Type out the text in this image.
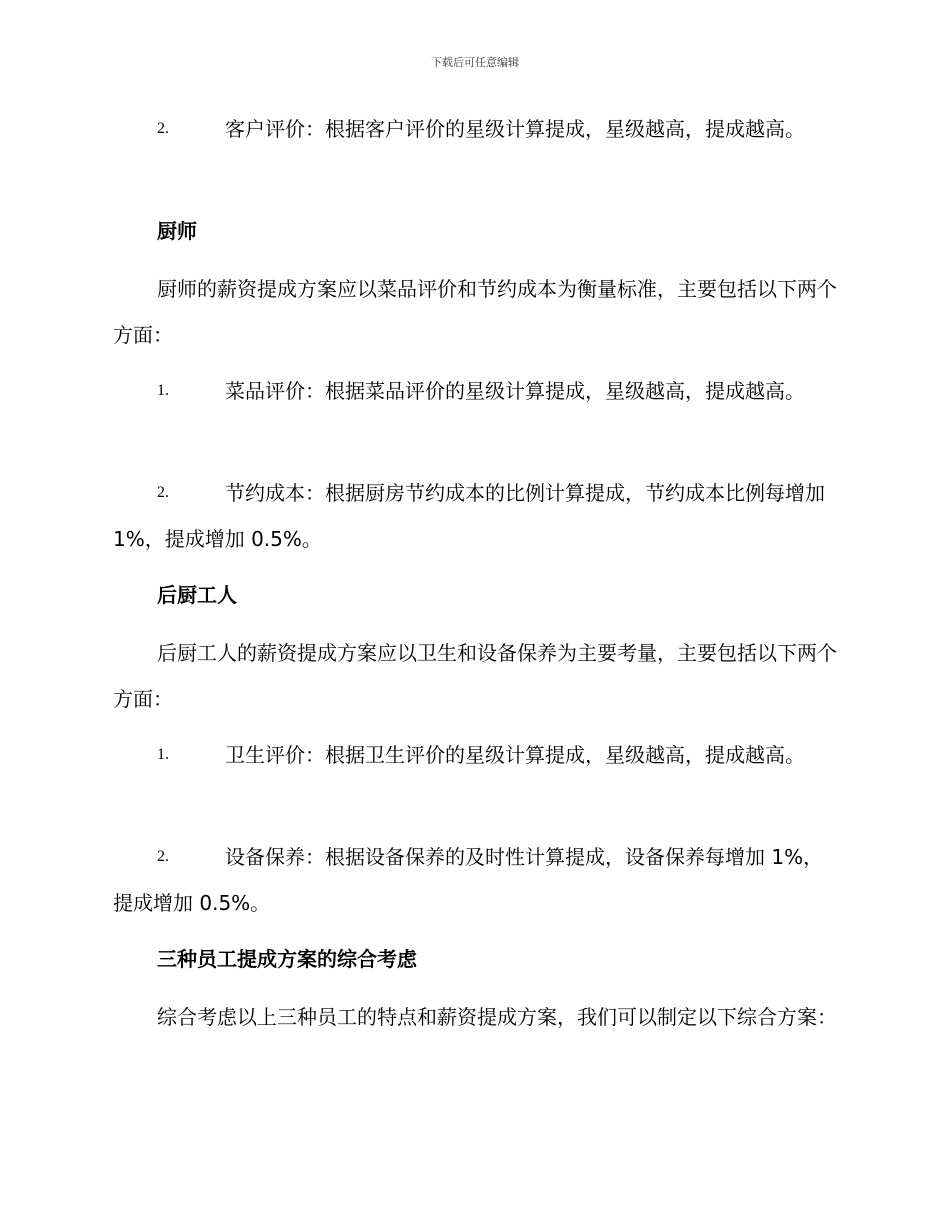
下载后可任意编辑
2.	客户评价：根据客户评价的星级计算提成，星级越高，提成越高。
厨师
厨师的薪资提成方案应以菜品评价和节约成本为衡量标准，主要包括以下两个方面：
1.	菜品评价：根据菜品评价的星级计算提成，星级越高，提成越高。
2.	节约成本：根据厨房节约成本的比例计算提成，节约成本比例每增加 1%，提成增加 0.5%。
后厨工人
后厨工人的薪资提成方案应以卫生和设备保养为主要考量，主要包括以下两个方面：
1.	卫生评价：根据卫生评价的星级计算提成，星级越高，提成越高。
2.	设备保养：根据设备保养的及时性计算提成，设备保养每增加 1%，提成增加 0.5%。
三种员工提成方案的综合考虑
综合考虑以上三种员工的特点和薪资提成方案，我们可以制定以下综合方案：
